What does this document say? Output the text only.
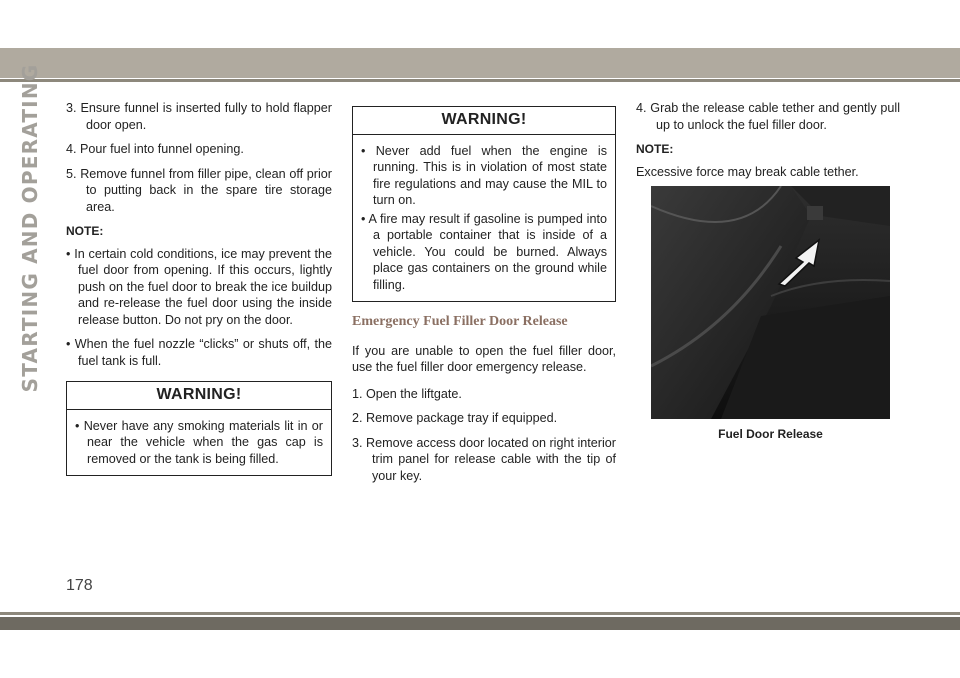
STARTING AND OPERATING
178

3. Ensure funnel is inserted fully to hold flapper door open.

4. Pour fuel into funnel opening.

5. Remove funnel from filler pipe, clean off prior to putting back in the spare tire storage area.

NOTE:

• In certain cold conditions, ice may prevent the fuel door from opening. If this occurs, lightly push on the fuel door to break the ice buildup and re-release the fuel door using the inside release button. Do not pry on the door.

• When the fuel nozzle “clicks” or shuts off, the fuel tank is full.

WARNING!

• Never have any smoking materials lit in or near the vehicle when the gas cap is removed or the tank is being filled.

WARNING!

• Never add fuel when the engine is running. This is in violation of most state fire regulations and may cause the MIL to turn on.

• A fire may result if gasoline is pumped into a portable container that is inside of a vehicle. You could be burned. Always place gas containers on the ground while filling.

Emergency Fuel Filler Door Release

If you are unable to open the fuel filler door, use the fuel filler door emergency release.

1. Open the liftgate.

2. Remove package tray if equipped.

3. Remove access door located on right interior trim panel for release cable with the tip of your key.

4. Grab the release cable tether and gently pull up to unlock the fuel filler door.

NOTE:

Excessive force may break cable tether.

Fuel Door Release
